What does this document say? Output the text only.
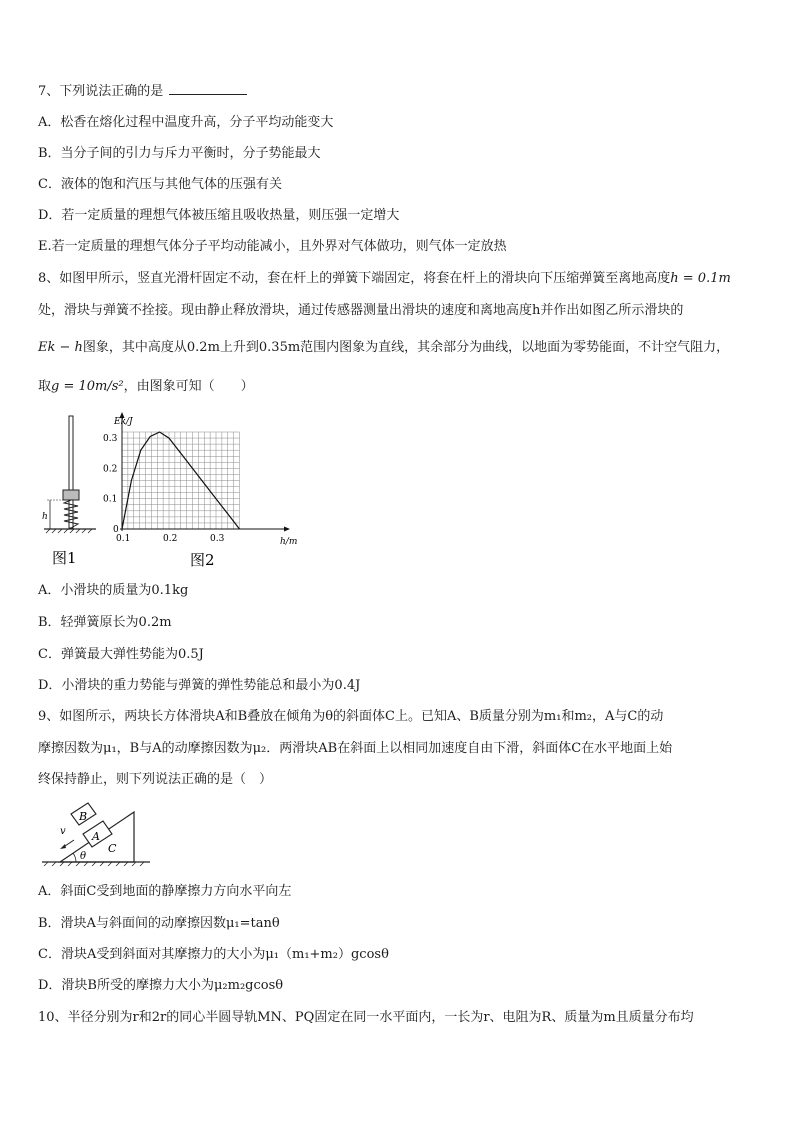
7、下列说法正确的是
A．松香在熔化过程中温度升高，分子平均动能变大
B．当分子间的引力与斥力平衡时，分子势能最大
C．液体的饱和汽压与其他气体的压强有关
D．若一定质量的理想气体被压缩且吸收热量，则压强一定增大
E.若一定质量的理想气体分子平均动能减小，且外界对气体做功，则气体一定放热
8、如图甲所示，竖直光滑杆固定不动，套在杆上的弹簧下端固定，将套在杆上的滑块向下压缩弹簧至离地高度h = 0.1m
处，滑块与弹簧不拴接。现由静止释放滑块，通过传感器测量出滑块的速度和离地高度h并作出如图乙所示滑块的
Ek − h图象，其中高度从0.2m上升到0.35m范围内图象为直线，其余部分为曲线，以地面为零势能面，不计空气阻力，
取g = 10m/s²，由图象可知（　　）
h
图1
0.1	0.2	0.3
0
0.1
0.2
0.3
Ek/J
h/m
图2
A．小滑块的质量为0.1kg
B．轻弹簧原长为0.2m
C．弹簧最大弹性势能为0.5J
D．小滑块的重力势能与弹簧的弹性势能总和最小为0.4J
9、如图所示，两块长方体滑块A和B叠放在倾角为θ的斜面体C上。已知A、B质量分别为m₁和m₂，A与C的动
摩擦因数为μ₁，B与A的动摩擦因数为μ₂．两滑块AB在斜面上以相同加速度自由下滑，斜面体C在水平地面上始
终保持静止，则下列说法正确的是（　）
A
B
C
v
θ
A．斜面C受到地面的静摩擦力方向水平向左
B．滑块A与斜面间的动摩擦因数μ₁=tanθ
C．滑块A受到斜面对其摩擦力的大小为μ₁（m₁+m₂）gcosθ
D．滑块B所受的摩擦力大小为μ₂m₂gcosθ
10、半径分别为r和2r的同心半圆导轨MN、PQ固定在同一水平面内，一长为r、电阻为R、质量为m且质量分布均
